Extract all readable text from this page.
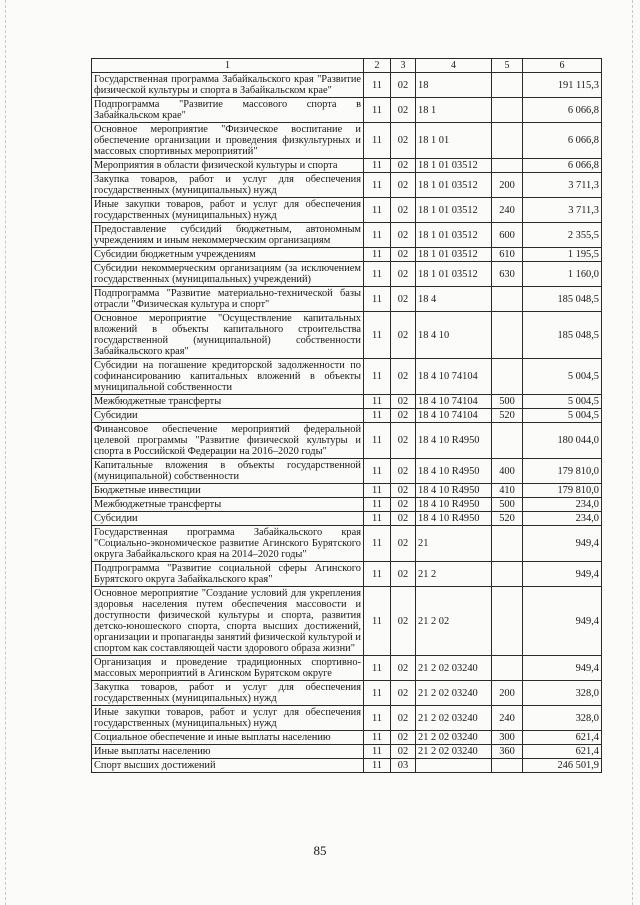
1	2	3	4	5	6
Государственная программа Забайкальского края "Развитие физической культуры и спорта в Забайкальском крае"	11	02	18		191 115,3
Подпрограмма "Развитие массового спорта в Забайкальском крае"	11	02	18 1		6 066,8
Основное мероприятие "Физическое воспитание и обеспечение организации и проведения физкультурных и массовых спортивных мероприятий"	11	02	18 1 01		6 066,8
Мероприятия в области физической культуры и спорта	11	02	18 1 01 03512		6 066,8
Закупка товаров, работ и услуг для обеспечения государственных (муниципальных) нужд	11	02	18 1 01 03512	200	3 711,3
Иные закупки товаров, работ и услуг для обеспечения государственных (муниципальных) нужд	11	02	18 1 01 03512	240	3 711,3
Предоставление субсидий бюджетным, автономным учреждениям и иным некоммерческим организациям	11	02	18 1 01 03512	600	2 355,5
Субсидии бюджетным учреждениям	11	02	18 1 01 03512	610	1 195,5
Субсидии некоммерческим организациям (за исключением государственных (муниципальных) учреждений)	11	02	18 1 01 03512	630	1 160,0
Подпрограмма "Развитие материально-технической базы отрасли "Физическая культура и спорт"	11	02	18 4		185 048,5
Основное мероприятие "Осуществление капитальных вложений в объекты капитального строительства государственной (муниципальной) собственности Забайкальского края"	11	02	18 4 10		185 048,5
Субсидии на погашение кредиторской задолженности по софинансированию капитальных вложений в объекты муниципальной собственности	11	02	18 4 10 74104		5 004,5
Межбюджетные трансферты	11	02	18 4 10 74104	500	5 004,5
Субсидии	11	02	18 4 10 74104	520	5 004,5
Финансовое обеспечение мероприятий федеральной целевой программы "Развитие физической культуры и спорта в Российской Федерации на 2016–2020 годы"	11	02	18 4 10 R4950		180 044,0
Капитальные вложения в объекты государственной (муниципальной) собственности	11	02	18 4 10 R4950	400	179 810,0
Бюджетные инвестиции	11	02	18 4 10 R4950	410	179 810,0
Межбюджетные трансферты	11	02	18 4 10 R4950	500	234,0
Субсидии	11	02	18 4 10 R4950	520	234,0
Государственная программа Забайкальского края "Социально-экономическое развитие Агинского Бурятского округа Забайкальского края на 2014–2020 годы"	11	02	21		949,4
Подпрограмма "Развитие социальной сферы Агинского Бурятского округа Забайкальского края"	11	02	21 2		949,4
Основное мероприятие "Создание условий для укрепления здоровья населения путем обеспечения массовости и доступности физической культуры и спорта, развития детско-юношеского спорта, спорта высших достижений, организации и пропаганды занятий физической культурой и спортом как составляющей части здорового образа жизни"	11	02	21 2 02		949,4
Организация и проведение традиционных спортивно-массовых мероприятий в Агинском Бурятском округе	11	02	21 2 02 03240		949,4
Закупка товаров, работ и услуг для обеспечения государственных (муниципальных) нужд	11	02	21 2 02 03240	200	328,0
Иные закупки товаров, работ и услуг для обеспечения государственных (муниципальных) нужд	11	02	21 2 02 03240	240	328,0
Социальное обеспечение и иные выплаты населению	11	02	21 2 02 03240	300	621,4
Иные выплаты населению	11	02	21 2 02 03240	360	621,4
Спорт высших достижений	11	03			246 501,9
85
